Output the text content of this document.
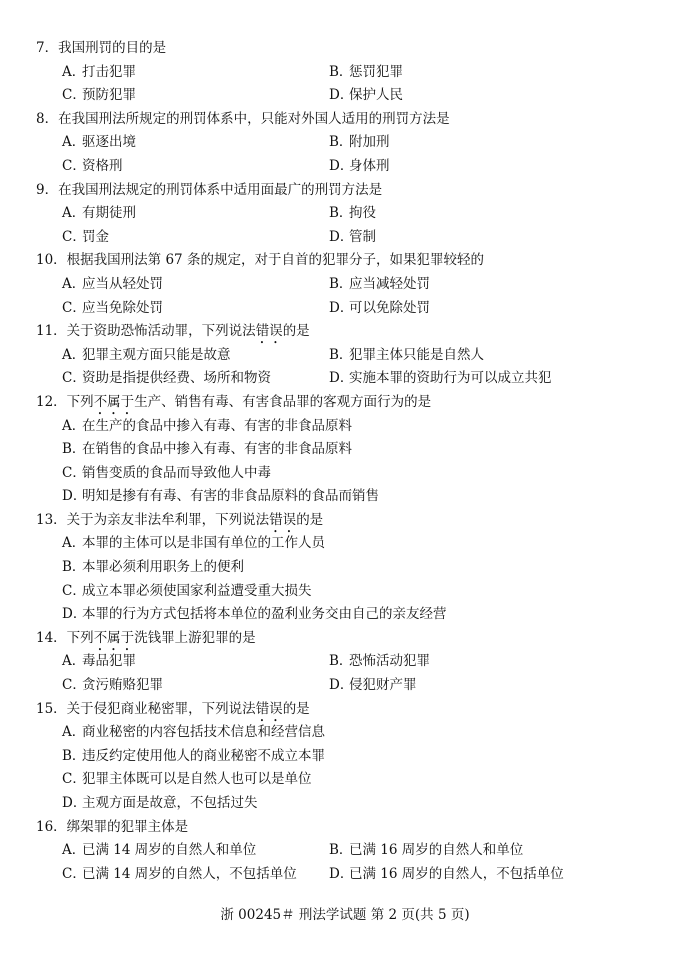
7．我国刑罚的目的是
A．打击犯罪	B．惩罚犯罪
C．预防犯罪	D．保护人民
8．在我国刑法所规定的刑罚体系中，只能对外国人适用的刑罚方法是
A．驱逐出境	B．附加刑
C．资格刑	D．身体刑
9．在我国刑法规定的刑罚体系中适用面最广的刑罚方法是
A．有期徒刑	B．拘役
C．罚金	D．管制
10．根据我国刑法第 67 条的规定，对于自首的犯罪分子，如果犯罪较轻的
A．应当从轻处罚	B．应当减轻处罚
C．应当免除处罚	D．可以免除处罚
11．关于资助恐怖活动罪，下列说法错误的是
A．犯罪主观方面只能是故意	B．犯罪主体只能是自然人
C．资助是指提供经费、场所和物资	D．实施本罪的资助行为可以成立共犯
12．下列不属于生产、销售有毒、有害食品罪的客观方面行为的是
A．在生产的食品中掺入有毒、有害的非食品原料
B．在销售的食品中掺入有毒、有害的非食品原料
C．销售变质的食品而导致他人中毒
D．明知是掺有有毒、有害的非食品原料的食品而销售
13．关于为亲友非法牟利罪，下列说法错误的是
A．本罪的主体可以是非国有单位的工作人员
B．本罪必须利用职务上的便利
C．成立本罪必须使国家利益遭受重大损失
D．本罪的行为方式包括将本单位的盈利业务交由自己的亲友经营
14．下列不属于洗钱罪上游犯罪的是
A．毒品犯罪	B．恐怖活动犯罪
C．贪污贿赂犯罪	D．侵犯财产罪
15．关于侵犯商业秘密罪，下列说法错误的是
A．商业秘密的内容包括技术信息和经营信息
B．违反约定使用他人的商业秘密不成立本罪
C．犯罪主体既可以是自然人也可以是单位
D．主观方面是故意，不包括过失
16．绑架罪的犯罪主体是
A．已满 14 周岁的自然人和单位	B．已满 16 周岁的自然人和单位
C．已满 14 周岁的自然人，不包括单位 D．已满 16 周岁的自然人，不包括单位
浙 00245＃ 刑法学试题 第 2 页(共 5 页)
